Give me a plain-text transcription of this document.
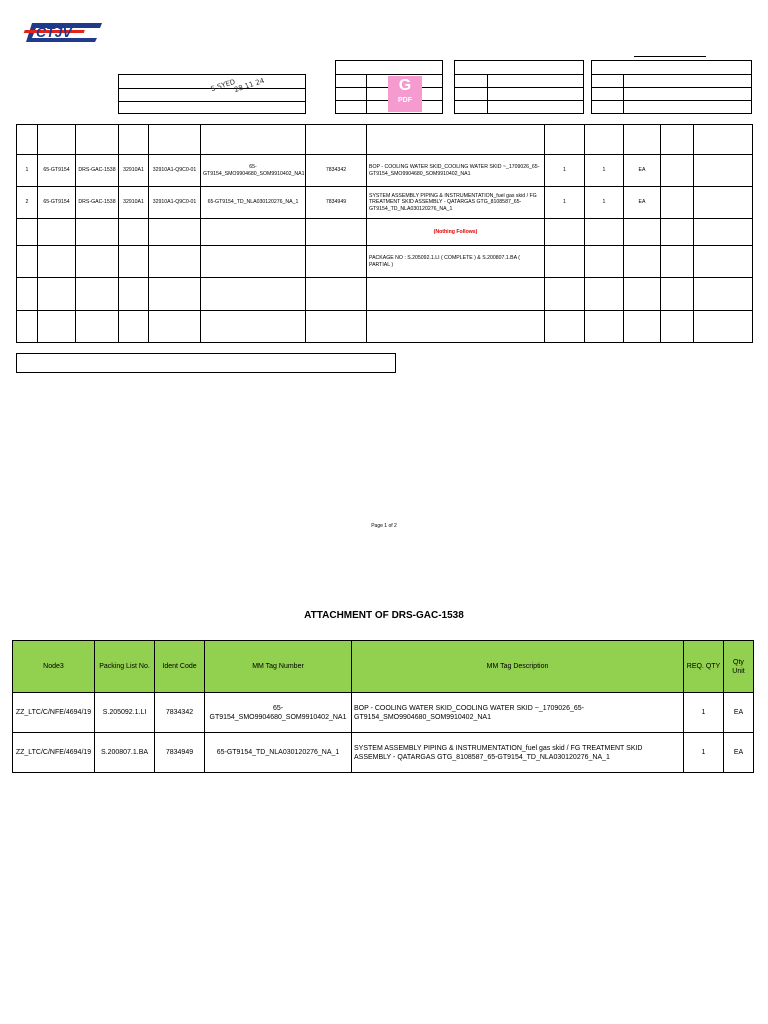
CTJV
S SYED
28 11 24	G
PDF

1	65-GT9154	DRS-GAC-1538	32910A1	32910A1-Q9C0-01	65-GT9154_SMO9904680_SOM9910402_NA1	7834342	BOP - COOLING WATER SKID_COOLING WATER SKID ~_1709026_65-GT9154_SMO9904680_SOM9910402_NA1	1	1	EA		
2	65-GT9154	DRS-GAC-1538	32910A1	32910A1-Q9C0-01	65-GT9154_TD_NLA030120276_NA_1	7834949	SYSTEM ASSEMBLY PIPING & INSTRUMENTATION_fuel gas skid / FG TREATMENT SKID ASSEMBLY - QATARGAS GTG_8108587_65-GT9154_TD_NLA030120276_NA_1	1	1	EA		
							(Nothing Follows)					
							PACKAGE NO : S.205092.1.LI ( COMPLETE ) & S.200807.1.BA ( PARTIAL )					

Page 1 of 2
ATTACHMENT OF DRS-GAC-1538
Node3	Packing List No.	Ident Code	MM Tag Number	MM Tag Description	REQ. QTY	Qty Unit
ZZ_LTC/C/NFE/4694/19	S.205092.1.LI	7834342	65-GT9154_SMO9904680_SOM9910402_NA1	BOP - COOLING WATER SKID_COOLING WATER SKID ~_1709026_65-GT9154_SMO9904680_SOM9910402_NA1	1	EA
ZZ_LTC/C/NFE/4694/19	S.200807.1.BA	7834949	65-GT9154_TD_NLA030120276_NA_1	SYSTEM ASSEMBLY PIPING & INSTRUMENTATION_fuel gas skid / FG TREATMENT SKID ASSEMBLY - QATARGAS GTG_8108587_65-GT9154_TD_NLA030120276_NA_1	1	EA
